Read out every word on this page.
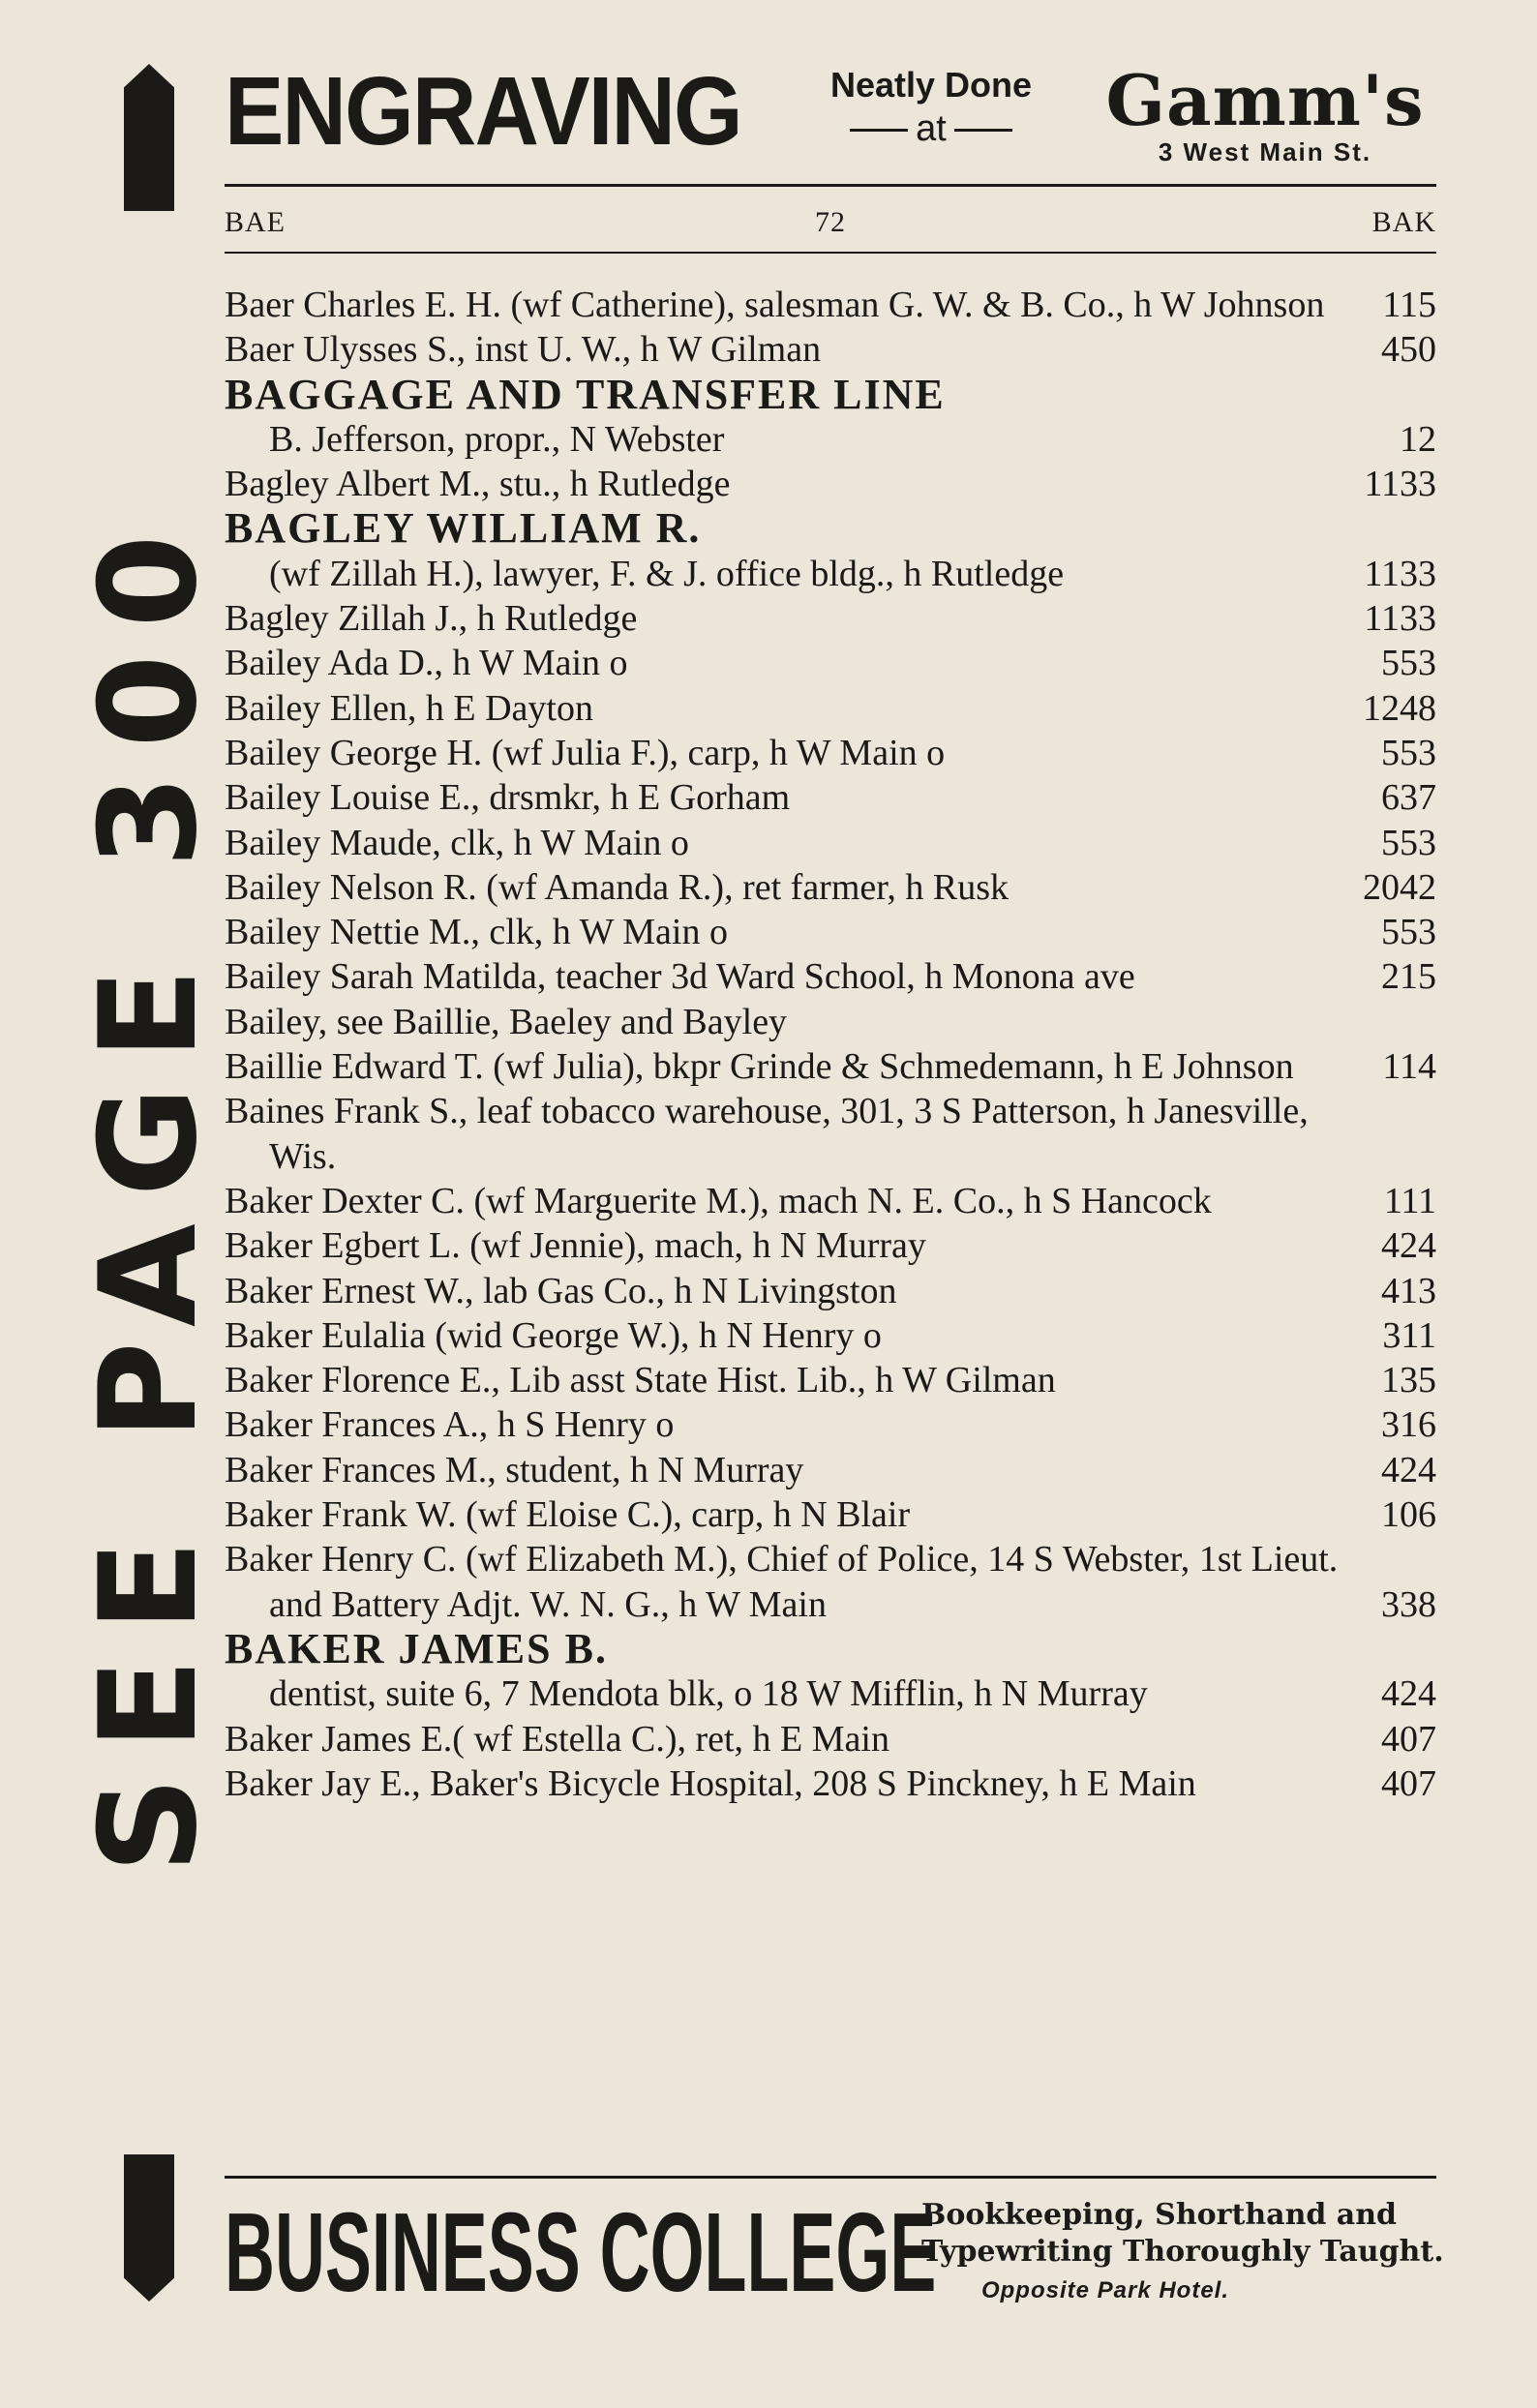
ENGRAVING	Neatly Done
at	Gamm's
3 West Main St.
BAE	72	BAK
SEE PAGE 300
Baer Charles E. H. (wf Catherine), salesman G. W. & B. Co., h W Johnson	115
Baer Ulysses S., inst U. W., h W Gilman	450
BAGGAGE AND TRANSFER LINE
B. Jefferson, propr., N Webster	12
Bagley Albert M., stu., h Rutledge	1133
BAGLEY WILLIAM R.
(wf Zillah H.), lawyer, F. & J. office bldg., h Rutledge	1133
Bagley Zillah J., h Rutledge	1133
Bailey Ada D., h W Main o	553
Bailey Ellen, h E Dayton	1248
Bailey George H. (wf Julia F.), carp, h W Main o	553
Bailey Louise E., drsmkr, h E Gorham	637
Bailey Maude, clk, h W Main o	553
Bailey Nelson R. (wf Amanda R.), ret farmer, h Rusk	2042
Bailey Nettie M., clk, h W Main o	553
Bailey Sarah Matilda, teacher 3d Ward School, h Monona ave	215
Bailey, see Baillie, Baeley and Bayley
Baillie Edward T. (wf Julia), bkpr Grinde & Schmedemann, h E Johnson	114
Baines Frank S., leaf tobacco warehouse, 301, 3 S Patterson, h Janesville, Wis.
Baker Dexter C. (wf Marguerite M.), mach N. E. Co., h S Hancock	111
Baker Egbert L. (wf Jennie), mach, h N Murray	424
Baker Ernest W., lab Gas Co., h N Livingston	413
Baker Eulalia (wid George W.), h N Henry o	311
Baker Florence E., Lib asst State Hist. Lib., h W Gilman	135
Baker Frances A., h S Henry o	316
Baker Frances M., student, h N Murray	424
Baker Frank W. (wf Eloise C.), carp, h N Blair	106
Baker Henry C. (wf Elizabeth M.), Chief of Police, 14 S Webster, 1st Lieut. and Battery Adjt. W. N. G., h W Main	338
BAKER JAMES B.
dentist, suite 6, 7 Mendota blk, o 18 W Mifflin, h N Murray	424
Baker James E.( wf Estella C.), ret, h E Main	407
Baker Jay E., Baker's Bicycle Hospital, 208 S Pinckney, h E Main	407
BUSINESS COLLEGE
Bookkeeping, Shorthand and
Typewriting Thoroughly Taught.
Opposite Park Hotel.
